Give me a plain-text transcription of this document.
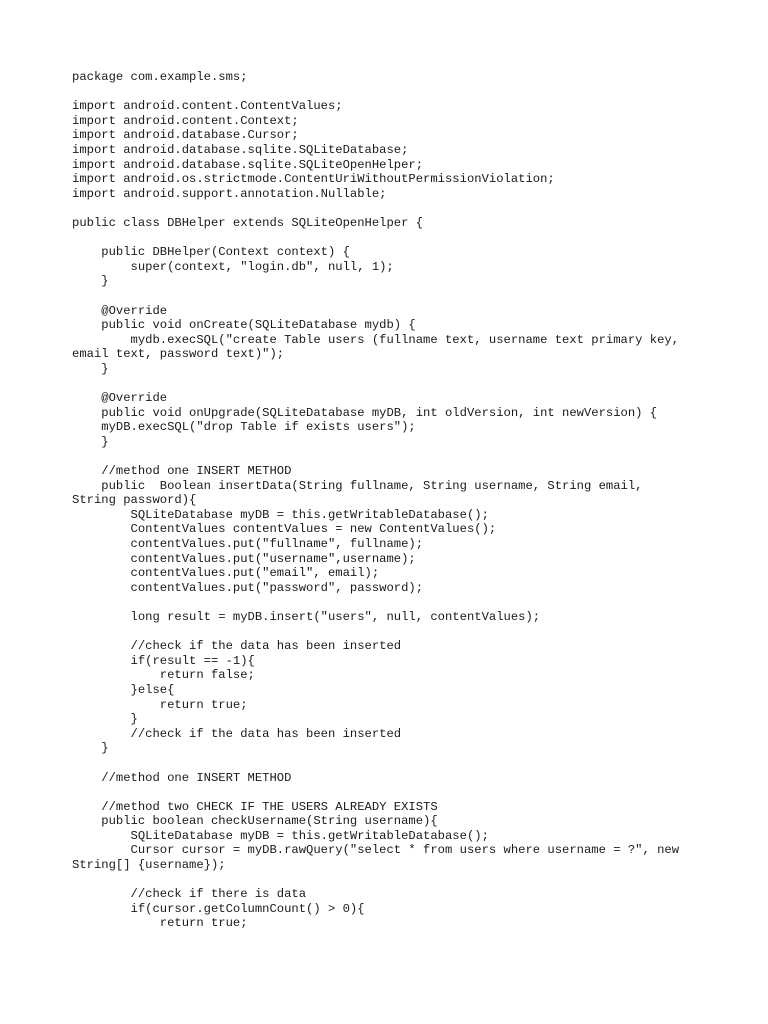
package com.example.sms;
import android.content.ContentValues;
import android.content.Context;
import android.database.Cursor;
import android.database.sqlite.SQLiteDatabase;
import android.database.sqlite.SQLiteOpenHelper;
import android.os.strictmode.ContentUriWithoutPermissionViolation;
import android.support.annotation.Nullable;
public class DBHelper extends SQLiteOpenHelper {
public DBHelper(Context context) {
super(context, "login.db", null, 1);
}
@Override
public void onCreate(SQLiteDatabase mydb) {
mydb.execSQL("create Table users (fullname text, username text primary key,
email text, password text)");
}
@Override
public void onUpgrade(SQLiteDatabase myDB, int oldVersion, int newVersion) {
myDB.execSQL("drop Table if exists users");
}
//method one INSERT METHOD
public  Boolean insertData(String fullname, String username, String email,
String password){
SQLiteDatabase myDB = this.getWritableDatabase();
ContentValues contentValues = new ContentValues();
contentValues.put("fullname", fullname);
contentValues.put("username",username);
contentValues.put("email", email);
contentValues.put("password", password);
long result = myDB.insert("users", null, contentValues);
//check if the data has been inserted
if(result == -1){
return false;
}else{
return true;
}
//check if the data has been inserted
}
//method one INSERT METHOD
//method two CHECK IF THE USERS ALREADY EXISTS
public boolean checkUsername(String username){
SQLiteDatabase myDB = this.getWritableDatabase();
Cursor cursor = myDB.rawQuery("select * from users where username = ?", new
String[] {username});
//check if there is data
if(cursor.getColumnCount() > 0){
return true;
